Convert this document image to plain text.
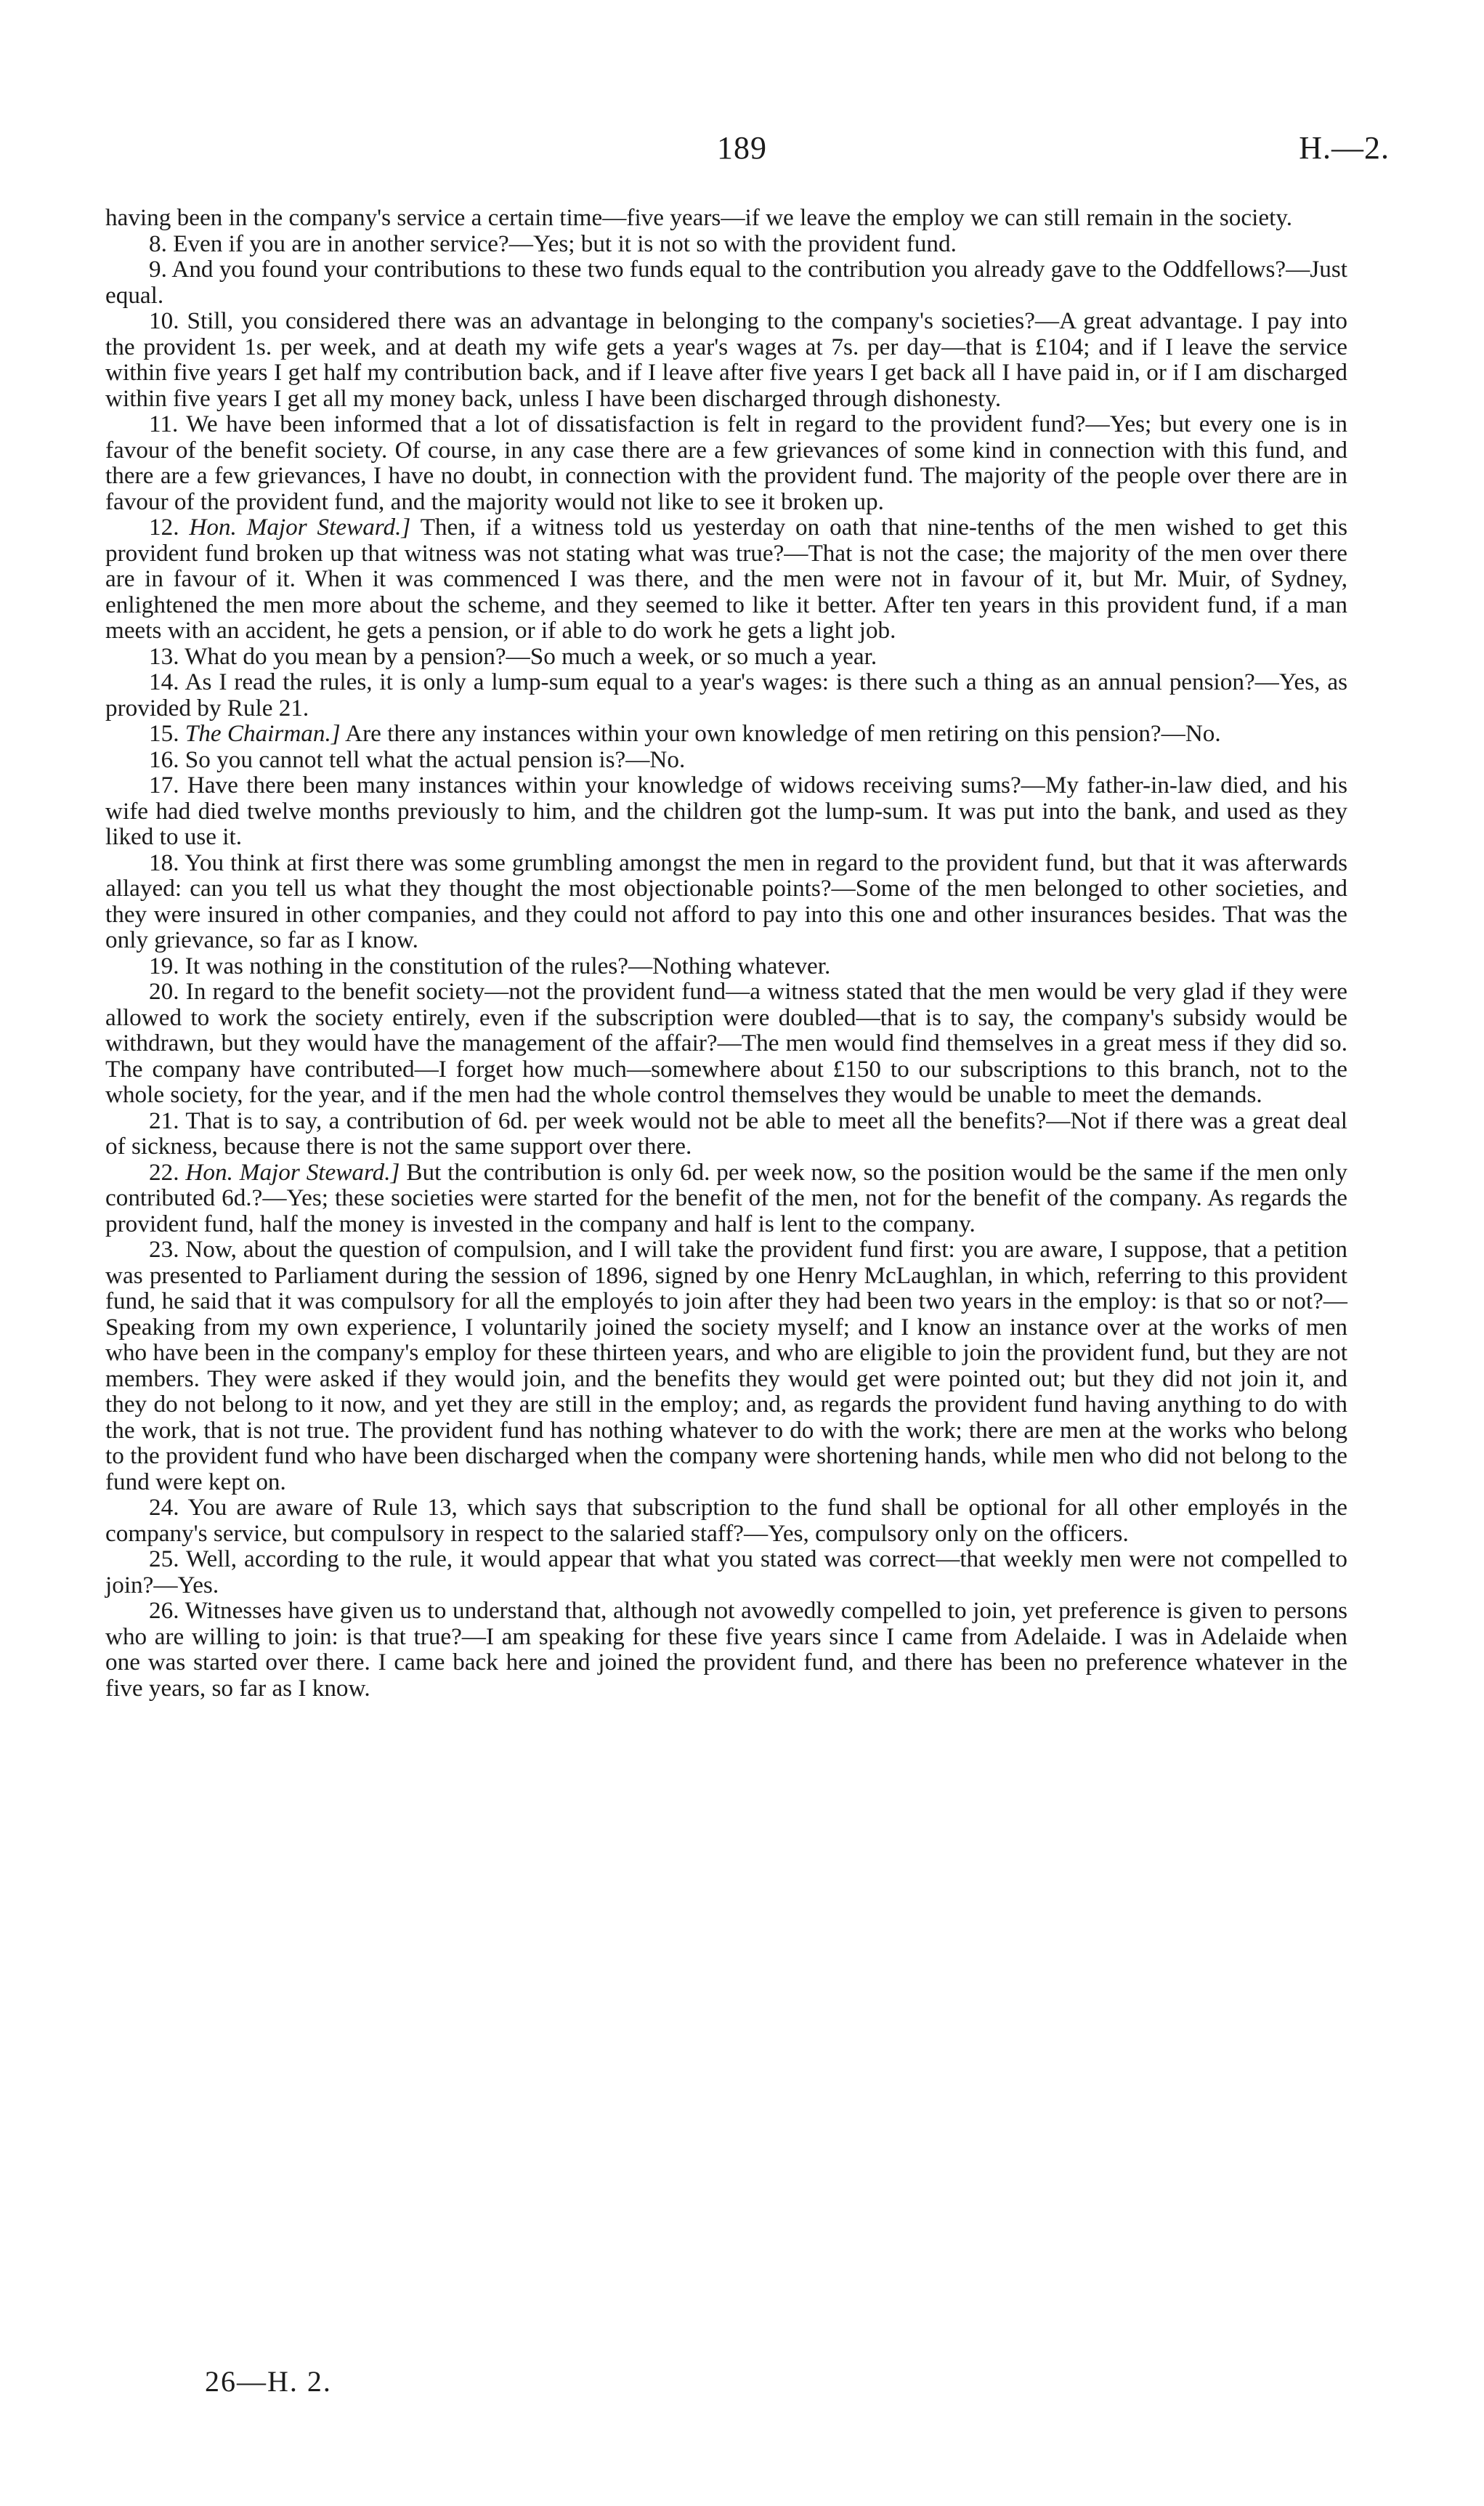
189	H.—2.

having been in the company's service a certain time—five years—if we leave the employ we can still remain in the society.

8. Even if you are in another service?—Yes; but it is not so with the provident fund.

9. And you found your contributions to these two funds equal to the contribution you already gave to the Oddfellows?—Just equal.

10. Still, you considered there was an advantage in belonging to the company's societies?—A great advantage. I pay into the provident 1s. per week, and at death my wife gets a year's wages at 7s. per day—that is £104; and if I leave the service within five years I get half my contribution back, and if I leave after five years I get back all I have paid in, or if I am discharged within five years I get all my money back, unless I have been discharged through dishonesty.

11. We have been informed that a lot of dissatisfaction is felt in regard to the provident fund?—Yes; but every one is in favour of the benefit society. Of course, in any case there are a few grievances of some kind in connection with this fund, and there are a few grievances, I have no doubt, in connection with the provident fund. The majority of the people over there are in favour of the provident fund, and the majority would not like to see it broken up.

12. Hon. Major Steward.] Then, if a witness told us yesterday on oath that nine-tenths of the men wished to get this provident fund broken up that witness was not stating what was true?—That is not the case; the majority of the men over there are in favour of it. When it was commenced I was there, and the men were not in favour of it, but Mr. Muir, of Sydney, enlightened the men more about the scheme, and they seemed to like it better. After ten years in this provident fund, if a man meets with an accident, he gets a pension, or if able to do work he gets a light job.

13. What do you mean by a pension?—So much a week, or so much a year.

14. As I read the rules, it is only a lump-sum equal to a year's wages: is there such a thing as an annual pension?—Yes, as provided by Rule 21.

15. The Chairman.] Are there any instances within your own knowledge of men retiring on this pension?—No.

16. So you cannot tell what the actual pension is?—No.

17. Have there been many instances within your knowledge of widows receiving sums?—My father-in-law died, and his wife had died twelve months previously to him, and the children got the lump-sum. It was put into the bank, and used as they liked to use it.

18. You think at first there was some grumbling amongst the men in regard to the provident fund, but that it was afterwards allayed: can you tell us what they thought the most objectionable points?—Some of the men belonged to other societies, and they were insured in other companies, and they could not afford to pay into this one and other insurances besides. That was the only grievance, so far as I know.

19. It was nothing in the constitution of the rules?—Nothing whatever.

20. In regard to the benefit society—not the provident fund—a witness stated that the men would be very glad if they were allowed to work the society entirely, even if the subscription were doubled—that is to say, the company's subsidy would be withdrawn, but they would have the management of the affair?—The men would find themselves in a great mess if they did so. The company have contributed—I forget how much—somewhere about £150 to our subscriptions to this branch, not to the whole society, for the year, and if the men had the whole control themselves they would be unable to meet the demands.

21. That is to say, a contribution of 6d. per week would not be able to meet all the benefits?—Not if there was a great deal of sickness, because there is not the same support over there.

22. Hon. Major Steward.] But the contribution is only 6d. per week now, so the position would be the same if the men only contributed 6d.?—Yes; these societies were started for the benefit of the men, not for the benefit of the company. As regards the provident fund, half the money is invested in the company and half is lent to the company.

23. Now, about the question of compulsion, and I will take the provident fund first: you are aware, I suppose, that a petition was presented to Parliament during the session of 1896, signed by one Henry McLaughlan, in which, referring to this provident fund, he said that it was compulsory for all the employés to join after they had been two years in the employ: is that so or not?—Speaking from my own experience, I voluntarily joined the society myself; and I know an instance over at the works of men who have been in the company's employ for these thirteen years, and who are eligible to join the provident fund, but they are not members. They were asked if they would join, and the benefits they would get were pointed out; but they did not join it, and they do not belong to it now, and yet they are still in the employ; and, as regards the provident fund having anything to do with the work, that is not true. The provident fund has nothing whatever to do with the work; there are men at the works who belong to the provident fund who have been discharged when the company were shortening hands, while men who did not belong to the fund were kept on.

24. You are aware of Rule 13, which says that subscription to the fund shall be optional for all other employés in the company's service, but compulsory in respect to the salaried staff?—Yes, compulsory only on the officers.

25. Well, according to the rule, it would appear that what you stated was correct—that weekly men were not compelled to join?—Yes.

26. Witnesses have given us to understand that, although not avowedly compelled to join, yet preference is given to persons who are willing to join: is that true?—I am speaking for these five years since I came from Adelaide. I was in Adelaide when one was started over there. I came back here and joined the provident fund, and there has been no preference whatever in the five years, so far as I know.

26—H. 2.
